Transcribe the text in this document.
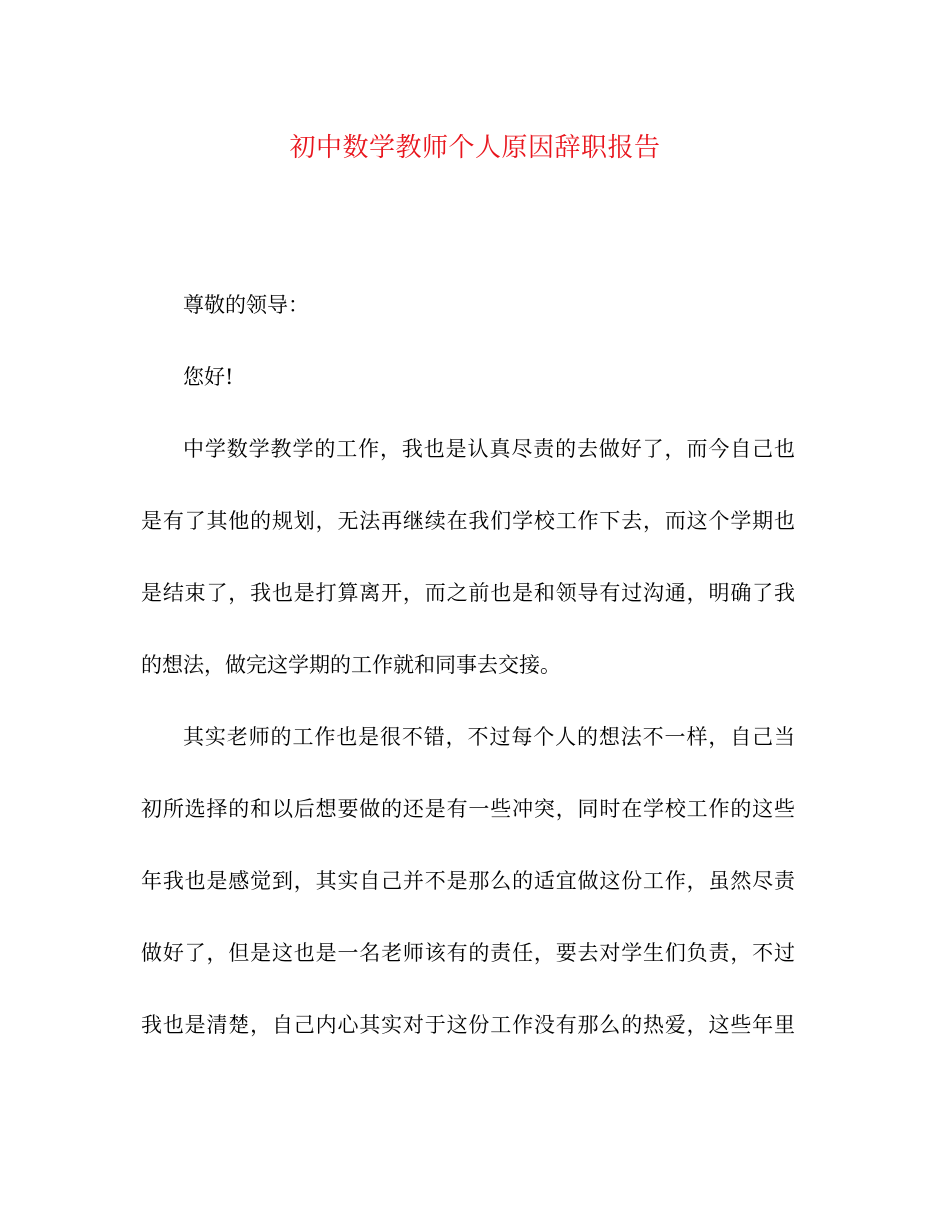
初中数学教师个人原因辞职报告
尊敬的领导：
您好!
中学数学教学的工作，我也是认真尽责的去做好了，而今自己也
是有了其他的规划，无法再继续在我们学校工作下去，而这个学期也
是结束了，我也是打算离开，而之前也是和领导有过沟通，明确了我
的想法，做完这学期的工作就和同事去交接。
其实老师的工作也是很不错，不过每个人的想法不一样，自己当
初所选择的和以后想要做的还是有一些冲突，同时在学校工作的这些
年我也是感觉到，其实自己并不是那么的适宜做这份工作，虽然尽责
做好了，但是这也是一名老师该有的责任，要去对学生们负责，不过
我也是清楚，自己内心其实对于这份工作没有那么的热爱，这些年里
